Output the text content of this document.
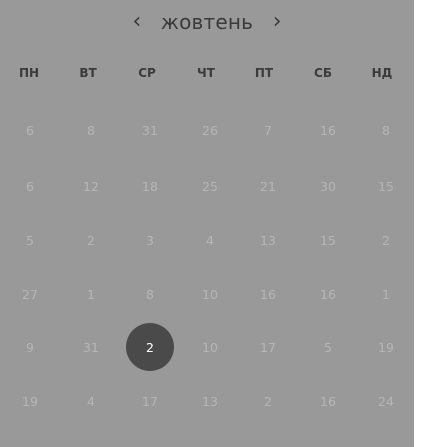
‹ жовтень ›
ПН	ВТ	СР	ЧТ	ПТ	СБ	НД
6	8	31	26	7	16	8
6	12	18	25	21	30	15
5	2	3	4	13	15	2
27	1	8	10	16	16	1
9	31	2	10	17	5	19
19	4	17	13	2	16	24
